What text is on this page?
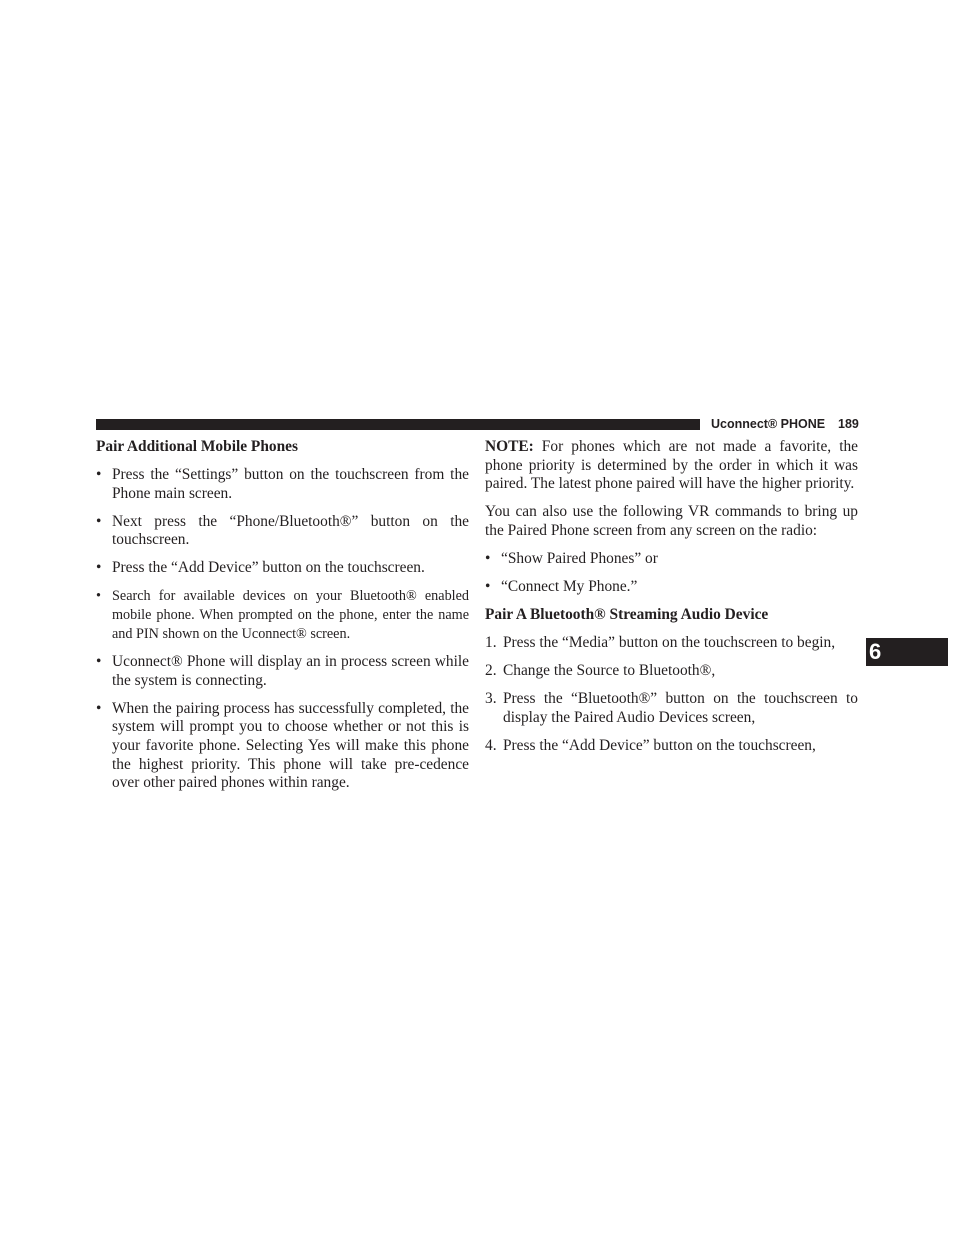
Uconnect® PHONE 189
6
Pair Additional Mobile Phones
• Press the “Settings” button on the touchscreen from the Phone main screen.
• Next press the “Phone/Bluetooth®” button on the touchscreen.
• Press the “Add Device” button on the touchscreen.
• Search for available devices on your Bluetooth® enabled mobile phone. When prompted on the phone, enter the name and PIN shown on the Uconnect® screen.
• Uconnect® Phone will display an in process screen while the system is connecting.
• When the pairing process has successfully completed, the system will prompt you to choose whether or not this is your favorite phone. Selecting Yes will make this phone the highest priority. This phone will take pre-cedence over other paired phones within range.
NOTE: For phones which are not made a favorite, the phone priority is determined by the order in which it was paired. The latest phone paired will have the higher priority.
You can also use the following VR commands to bring up the Paired Phone screen from any screen on the radio:
• “Show Paired Phones” or
• “Connect My Phone.”
Pair A Bluetooth® Streaming Audio Device
1. Press the “Media” button on the touchscreen to begin,
2. Change the Source to Bluetooth®,
3. Press the “Bluetooth®” button on the touchscreen to display the Paired Audio Devices screen,
4. Press the “Add Device” button on the touchscreen,
